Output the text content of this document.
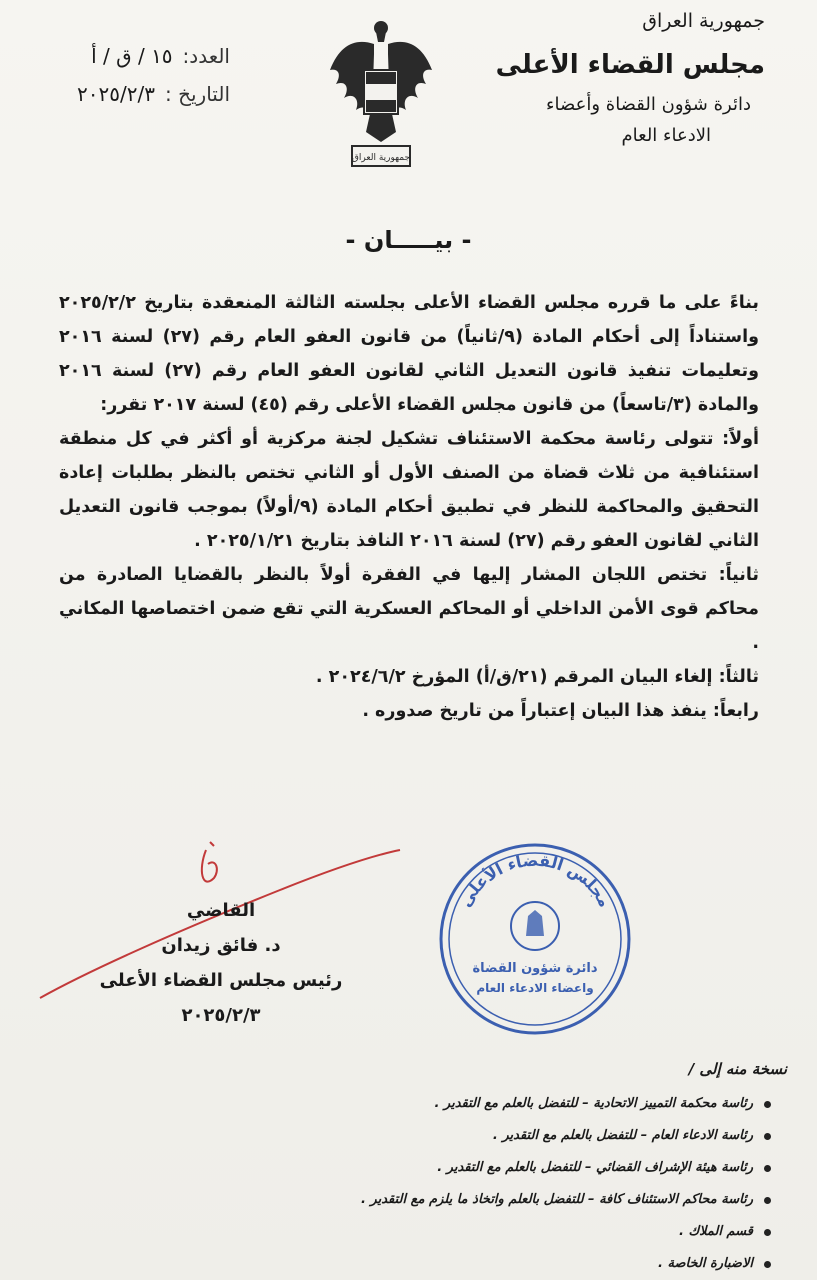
جمهورية العراق
مجلس القضاء الأعلى
دائرة شؤون القضاة وأعضاء
الادعاء العام
العدد:
١٥ / ق / أ
التاريخ :
٢٠٢٥/٢/٣
جمهورية العراق
- بيـــــان -

بناءً على ما قرره مجلس القضاء الأعلى بجلسته الثالثة المنعقدة بتاريخ ٢٠٢٥/٢/٢ واستناداً إلى أحكام المادة (٩/ثانياً) من قانون العفو العام رقم (٢٧) لسنة ٢٠١٦ وتعليمات تنفيذ قانون التعديل الثاني لقانون العفو العام رقم (٢٧) لسنة ٢٠١٦ والمادة (٣/تاسعاً) من قانون مجلس القضاء الأعلى رقم (٤٥) لسنة ٢٠١٧ تقرر:

أولاً: تتولى رئاسة محكمة الاستئناف تشكيل لجنة مركزية أو أكثر في كل منطقة استئنافية من ثلاث قضاة من الصنف الأول أو الثاني تختص بالنظر بطلبات إعادة التحقيق والمحاكمة للنظر في تطبيق أحكام المادة (٩/أولاً) بموجب قانون التعديل الثاني لقانون العفو رقم (٢٧) لسنة ٢٠١٦ النافذ بتاريخ ٢٠٢٥/١/٢١ .

ثانياً: تختص اللجان المشار إليها في الفقرة أولاً بالنظر بالقضايا الصادرة من محاكم قوى الأمن الداخلي أو المحاكم العسكرية التي تقع ضمن اختصاصها المكاني .

ثالثاً: إلغاء البيان المرقم (٢١/ق/أ) المؤرخ ٢٠٢٤/٦/٢ .

رابعاً: ينفذ هذا البيان إعتباراً من تاريخ صدوره .

القاضي
د. فائق زيدان
رئيس مجلس القضاء الأعلى
٢٠٢٥/٢/٣
مجلس القضاء الأعلى
دائرة شؤون القضاة
واعضاء الادعاء العام
نسخة منه إلى /
رئاسة محكمة التمييز الاتحادية – للتفضل بالعلم مع التقدير .
رئاسة الادعاء العام – للتفضل بالعلم مع التقدير .
رئاسة هيئة الإشراف القضائي – للتفضل بالعلم مع التقدير .
رئاسة محاكم الاستئناف كافة – للتفضل بالعلم واتخاذ ما يلزم مع التقدير .
قسم الملاك .
الاضبارة الخاصة .
